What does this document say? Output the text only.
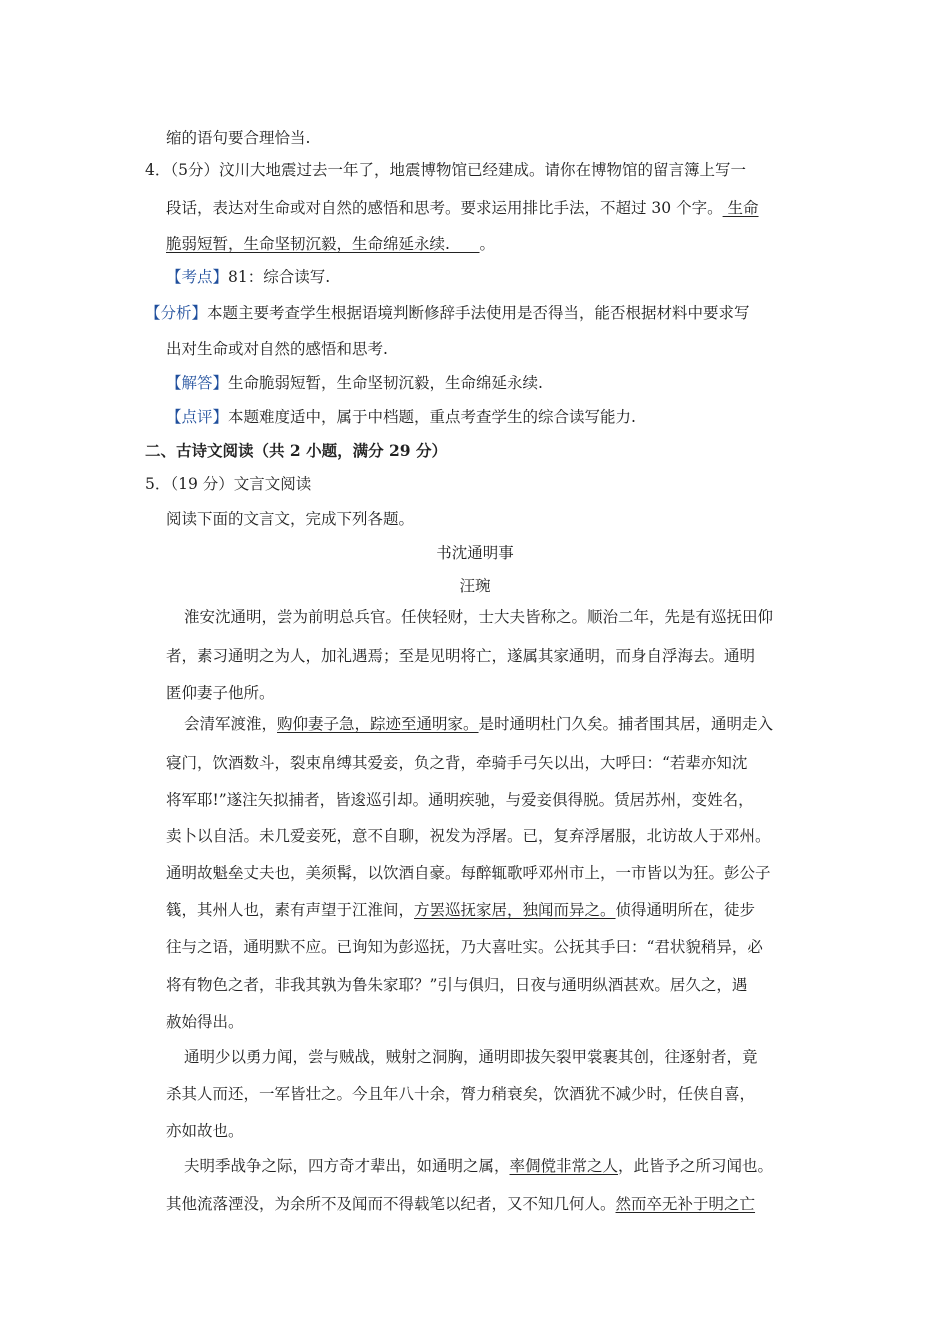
缩的语句要合理恰当.
4．（5分）汶川大地震过去一年了，地震博物馆已经建成。请你在博物馆的留言簿上写一
段话，表达对生命或对自然的感悟和思考。要求运用排比手法，不超过 30 个字。 生命
脆弱短暂，生命坚韧沉毅，生命绵延永续.      。
【考点】81：综合读写.
【分析】本题主要考查学生根据语境判断修辞手法使用是否得当，能否根据材料中要求写
出对生命或对自然的感悟和思考.
【解答】生命脆弱短暂，生命坚韧沉毅，生命绵延永续.
【点评】本题难度适中，属于中档题，重点考查学生的综合读写能力.
二、古诗文阅读（共 2 小题，满分 29 分）
5．（19 分）文言文阅读
阅读下面的文言文，完成下列各题。
书沈通明事
汪琬
淮安沈通明，尝为前明总兵官。任侠轻财，士大夫皆称之。顺治二年，先是有巡抚田仰
者，素习通明之为人，加礼遇焉；至是见明将亡，遂属其家通明，而身自浮海去。通明
匿仰妻子他所。
会清军渡淮，购仰妻子急，踪迹至通明家。是时通明杜门久矣。捕者围其居，通明走入
寝门，饮酒数斗，裂束帛缚其爱妾，负之背，牵骑手弓矢以出，大呼曰：“若辈亦知沈
将军耶!”遂注矢拟捕者，皆逡巡引却。通明疾驰，与爱妾俱得脱。赁居苏州，变姓名，
卖卜以自活。未几爱妾死，意不自聊，祝发为浮屠。已，复弃浮屠服，北访故人于邓州。
通明故魁垒丈夫也，美须髯，以饮酒自豪。每醉辄歌呼邓州市上，一市皆以为狂。彭公子
篯，其州人也，素有声望于江淮间，方罢巡抚家居，独闻而异之。侦得通明所在，徒步
往与之语，通明默不应。已询知为彭巡抚，乃大喜吐实。公抚其手曰：“君状貌稍异，必
将有物色之者，非我其孰为鲁朱家耶？”引与俱归，日夜与通明纵酒甚欢。居久之，遇
赦始得出。
通明少以勇力闻，尝与贼战，贼射之洞胸，通明即拔矢裂甲裳裹其创，往逐射者，竟
杀其人而还，一军皆壮之。今且年八十余，膂力稍衰矣，饮酒犹不减少时，任侠自喜，
亦如故也。
夫明季战争之际，四方奇才辈出，如通明之属，率倜傥非常之人，此皆予之所习闻也。
其他流落湮没，为余所不及闻而不得载笔以纪者，又不知几何人。然而卒无补于明之亡
